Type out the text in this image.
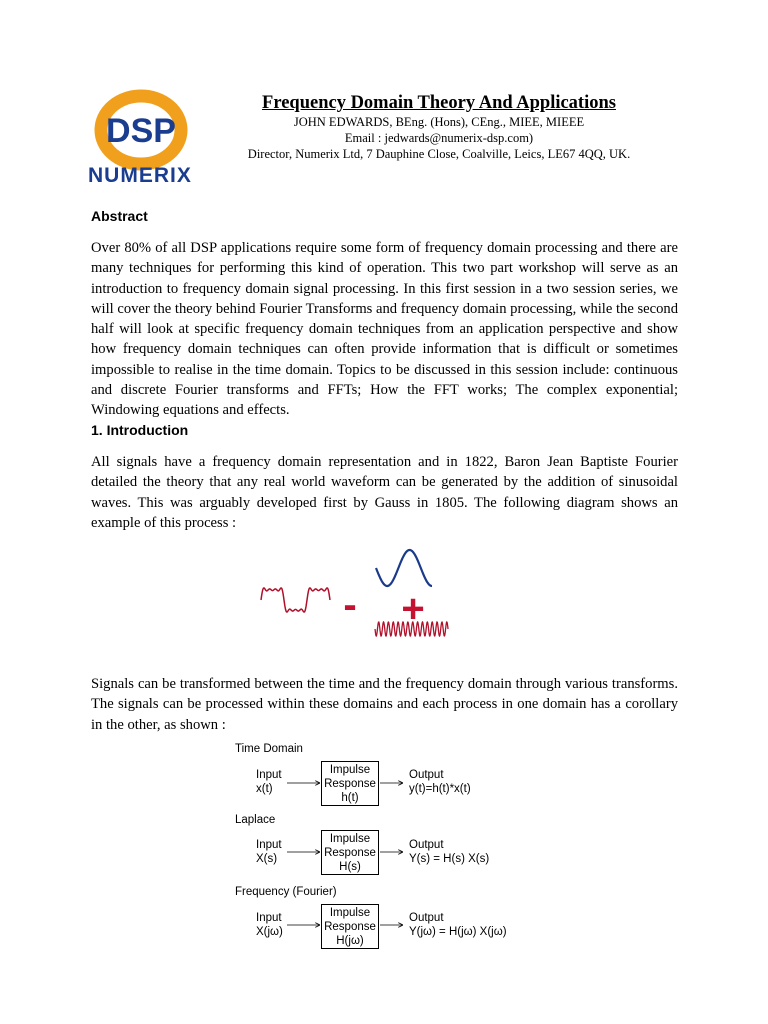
DSP
NUMERIX
Frequency Domain Theory And Applications

JOHN EDWARDS, BEng. (Hons), CEng., MIEE, MIEEE

Email : jedwards@numerix-dsp.com)

Director, Numerix Ltd, 7 Dauphine Close, Coalville, Leics, LE67 4QQ, UK.

Abstract

Over 80% of all DSP applications require some form of frequency domain processing and there are many techniques for performing this kind of operation. This two part workshop will serve as an introduction to frequency domain signal processing. In this first session in a two session series, we will cover the theory behind Fourier Transforms and frequency domain processing, while the second half will look at specific frequency domain techniques from an application perspective and show how frequency domain techniques can often provide information that is difficult or sometimes impossible to realise in the time domain. Topics to be discussed in this session include: continuous and discrete Fourier transforms and FFTs; How the FFT works; The complex exponential; Windowing equations and effects.

1. Introduction

All signals have a frequency domain representation and in 1822, Baron Jean Baptiste Fourier detailed the theory that any real world waveform can be generated by the addition of sinusoidal waves. This was arguably developed first by Gauss in 1805. The following diagram shows an example of this process :

- +

Signals can be transformed between the time and the frequency domain through various transforms. The signals can be processed within these domains and each process in one domain has a corollary in the other, as shown :

Time Domain
Input
x(t)
Impulse
Response
h(t)
Output
y(t)=h(t)*x(t)
Laplace
Input
X(s)
Impulse
Response
H(s)
Output
Y(s) = H(s) X(s)
Frequency (Fourier)
Input
X(jω)
Impulse
Response
H(jω)
Output
Y(jω) = H(jω) X(jω)
